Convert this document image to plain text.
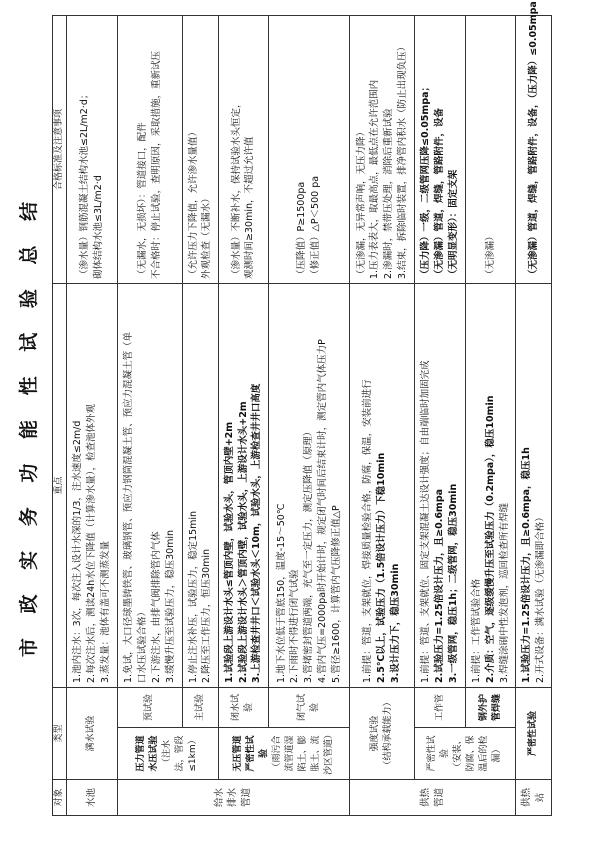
市 政 实 务 功 能 性 试 验 总 结
对象	类型		重点	合格标准及注意事项
水池	满水试验		1.池内注水：3次，每次注入设计水深的1/3，注水速度≤2m/d 2.每次注水后，测读24h水位下降值（计算渗水量），检查池体外观 3.蒸发量：池体有盖可不测蒸发量	（渗水量）钢筋混凝土结构水池≤2L/m2·d； 砌体结构水池≤3L/m2·d

给水排水管道	压力管道水压试验 （注水法，管段≤1km）	预试验	1.免试，大口径球墨铸铁管、玻璃钢管、预应力钢筒混凝土管、预应力混凝土管（单 口水压试验合格） 2.下游注水，由排气阀排除管内气体 3.缓慢升压至试验压力，稳压30min	（无漏水，无损坏）：管道接口，配件 不合格时：停止试验，查明原因，采取措施，重新试压

		主试验	1.停止注水补压，试验压力，稳定15min 2.降压至工作压力，恒压30min	（允许压力下降值，允许渗水量值） 外观检查（无漏水）

	无压管道严密性试验 （雨污合流管道湿陷土、膨胀土、流沙区管道）	闭水试验	1.试验段上游设计水头≤管顶内壁，试验水头，管顶内壁+2m 2.试验段上游设计水头＞管顶内壁，试验水头，上游设计水头+2m 3.上游检查井井口＜试验水头＜10m，试验水头，上游检查井井口高度	（渗水量）不断补水，保持试验水头恒定， 观测时间≥30min，不超过允许值

		闭气试验	1.地下水位低于管底150，温度-15～50℃ 2.下雨时不得进行闭气试验 3.管堵密封管道两端，充气至一定压力，测定压降值（原理） 4.管内气压=2000pa时开始计时，规定闭气时间后结束计时，测定管内气体压力P 5.管径≥1600，计算管内气压降修正值△P	（压降值）P≥1500pa （修正值）△P＜500 pa

供热管道	强度试验 （结构承载能力）		1.前提：管道，支架就位，焊接质量检验合格，防腐，保温，安装前进行 2.5℃以上，试验压力（1.5倍设计压力）下稳10min 3.设计压力下，稳压30min	（无渗漏，无异常声响，无压力降） 1.压力表表大，取最高点，最低点在允许范围内 2.渗漏时，禁带压处理，消除后重新试验 3.结束，拆除临时装置，排净管内积水（防止出现负压）

	严密性试验 （安装、防腐、保温后的检漏）	工作管	1.前提：管道、支架就位、固定支架混凝土达设计强度；自由端临时加固完成 2.试验压力=1.25倍设计压力，且≥0.6mpa 3.一级管网，稳压1h；二级管网，稳压30min	（压力降）一级，二级管网压降≤0.05mpa； （无渗漏）管道，焊缝，管路附件，设备 （无明显变形）：固定支架

		钢外护管焊缝	1.前提：工作管试验合格 2.介质：空气，逐级缓慢升压至试验压力（0.2mpa），稳压10min 3.焊缝涂刷中性发泡剂，巡回检查所有焊缝	（无渗漏）

供热站	严密性试验		1.试验压力=1.25倍设计压力，且≥0.6mpa，稳压1h 2.开式设备：满水试验（无渗漏即合格）	（无渗漏）管道，焊缝，管路附件，设备，（压力降）≤0.05mpa
